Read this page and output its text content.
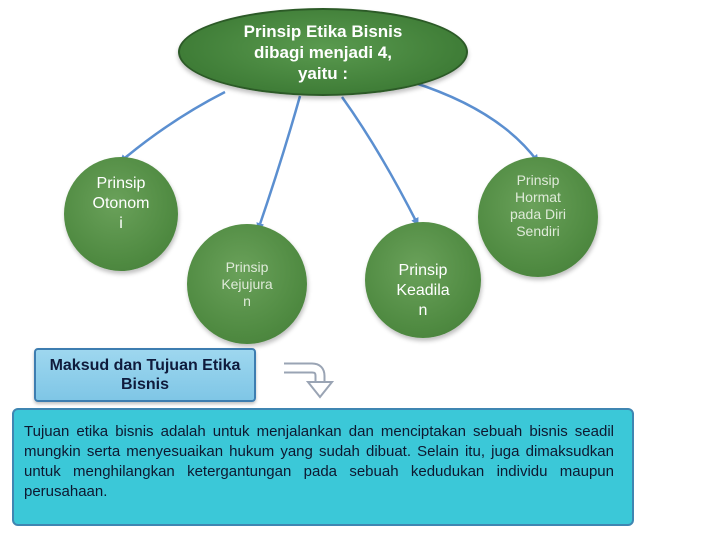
Prinsip Etika Bisnis
dibagi menjadi 4,
yaitu :
Prinsip
Otonom
i
Prinsip
Kejujura
n
Prinsip
Keadila
n
Prinsip
Hormat
pada Diri
Sendiri
Maksud dan Tujuan Etika
Bisnis
Tujuan etika bisnis adalah untuk menjalankan dan menciptakan sebuah bisnis seadil mungkin serta menyesuaikan hukum yang sudah dibuat. Selain itu, juga dimaksudkan untuk menghilangkan ketergantungan pada sebuah kedudukan individu maupun perusahaan.
